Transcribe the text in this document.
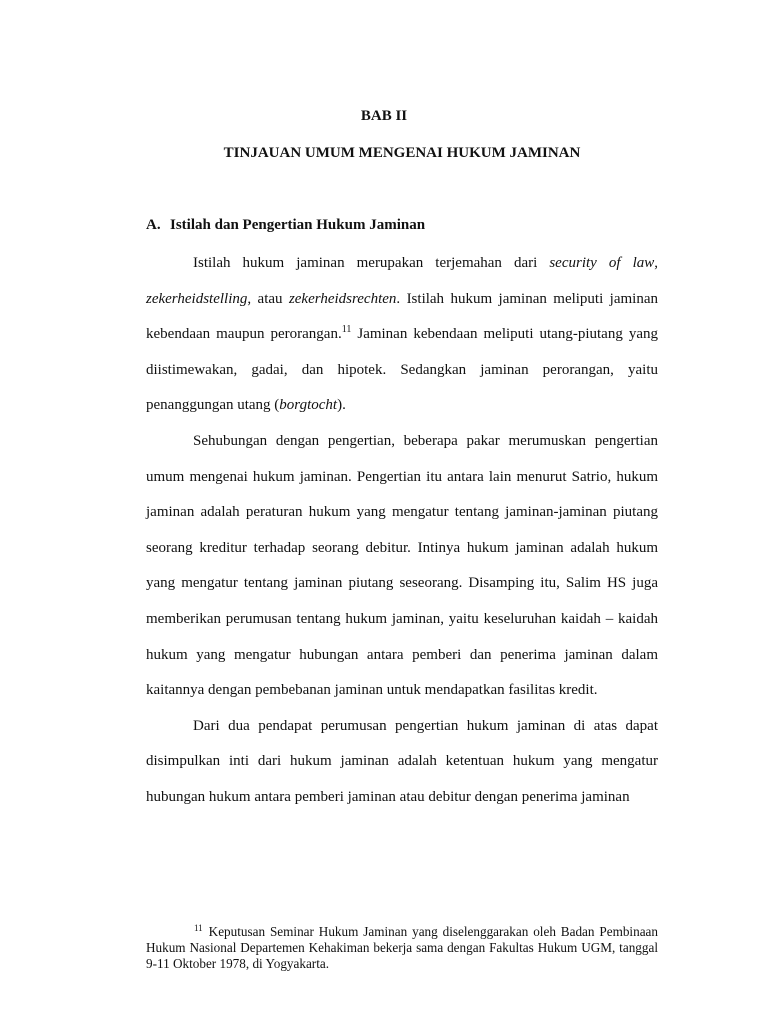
BAB II
TINJAUAN UMUM MENGENAI HUKUM JAMINAN
A. Istilah dan Pengertian Hukum Jaminan

Istilah hukum jaminan merupakan terjemahan dari security of law, zekerheidstelling, atau zekerheidsrechten. Istilah hukum jaminan meliputi jaminan kebendaan maupun perorangan.$^{11}$ Jaminan kebendaan meliputi utang-piutang yang diistimewakan, gadai, dan hipotek. Sedangkan jaminan perorangan, yaitu penanggungan utang (borgtocht).

Sehubungan dengan pengertian, beberapa pakar merumuskan pengertian umum mengenai hukum jaminan. Pengertian itu antara lain menurut Satrio, hukum jaminan adalah peraturan hukum yang mengatur tentang jaminan-jaminan piutang seorang kreditur terhadap seorang debitur. Intinya hukum jaminan adalah hukum yang mengatur tentang jaminan piutang seseorang. Disamping itu, Salim HS juga memberikan perumusan tentang hukum jaminan, yaitu keseluruhan kaidah – kaidah hukum yang mengatur hubungan antara pemberi dan penerima jaminan dalam kaitannya dengan pembebanan jaminan untuk mendapatkan fasilitas kredit.

Dari dua pendapat perumusan pengertian hukum jaminan di atas dapat disimpulkan inti dari hukum jaminan adalah ketentuan hukum yang mengatur hubungan hukum antara pemberi jaminan atau debitur dengan penerima jaminan

$^{11}$ Keputusan Seminar Hukum Jaminan yang diselenggarakan oleh Badan Pembinaan Hukum Nasional Departemen Kehakiman bekerja sama dengan Fakultas Hukum UGM, tanggal 9-11 Oktober 1978, di Yogyakarta.
